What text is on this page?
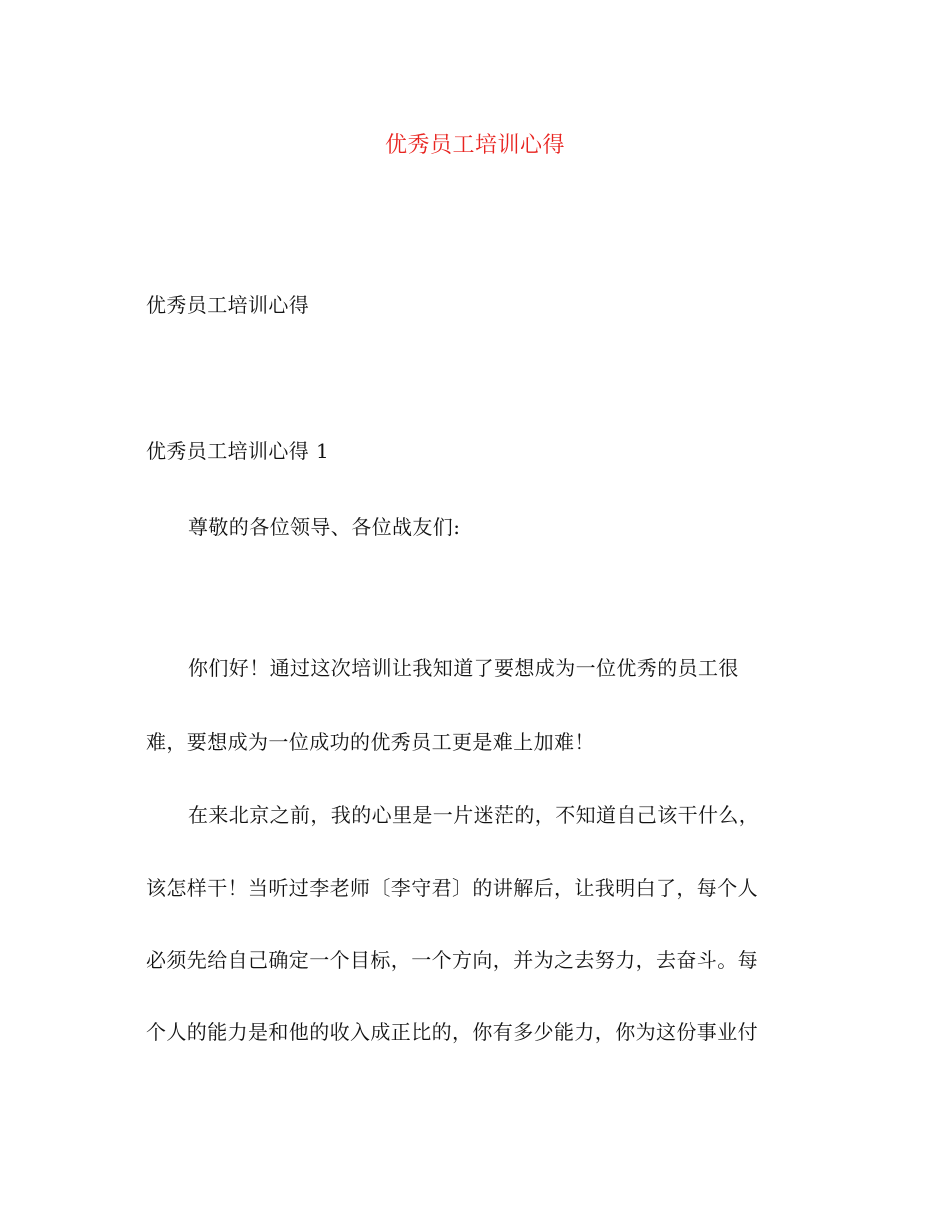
优秀员工培训心得
优秀员工培训心得
优秀员工培训心得 1
尊敬的各位领导、各位战友们:
你们好！通过这次培训让我知道了要想成为一位优秀的员工很
难，要想成为一位成功的优秀员工更是难上加难！
在来北京之前，我的心里是一片迷茫的，不知道自己该干什么，
该怎样干！当听过李老师〔李守君〕的讲解后，让我明白了，每个人
必须先给自己确定一个目标，一个方向，并为之去努力，去奋斗。每
个人的能力是和他的收入成正比的，你有多少能力，你为这份事业付
